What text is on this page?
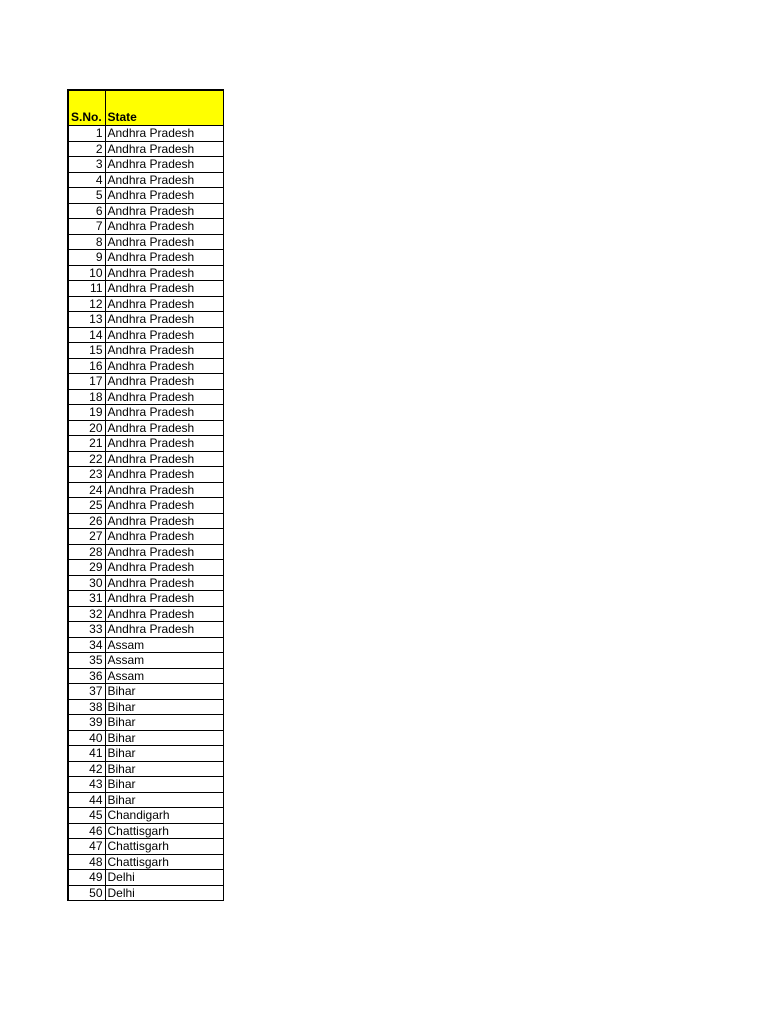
S.No.	State
1	Andhra Pradesh
2	Andhra Pradesh
3	Andhra Pradesh
4	Andhra Pradesh
5	Andhra Pradesh
6	Andhra Pradesh
7	Andhra Pradesh
8	Andhra Pradesh
9	Andhra Pradesh
10	Andhra Pradesh
11	Andhra Pradesh
12	Andhra Pradesh
13	Andhra Pradesh
14	Andhra Pradesh
15	Andhra Pradesh
16	Andhra Pradesh
17	Andhra Pradesh
18	Andhra Pradesh
19	Andhra Pradesh
20	Andhra Pradesh
21	Andhra Pradesh
22	Andhra Pradesh
23	Andhra Pradesh
24	Andhra Pradesh
25	Andhra Pradesh
26	Andhra Pradesh
27	Andhra Pradesh
28	Andhra Pradesh
29	Andhra Pradesh
30	Andhra Pradesh
31	Andhra Pradesh
32	Andhra Pradesh
33	Andhra Pradesh
34	Assam
35	Assam
36	Assam
37	Bihar
38	Bihar
39	Bihar
40	Bihar
41	Bihar
42	Bihar
43	Bihar
44	Bihar
45	Chandigarh
46	Chattisgarh
47	Chattisgarh
48	Chattisgarh
49	Delhi
50	Delhi
